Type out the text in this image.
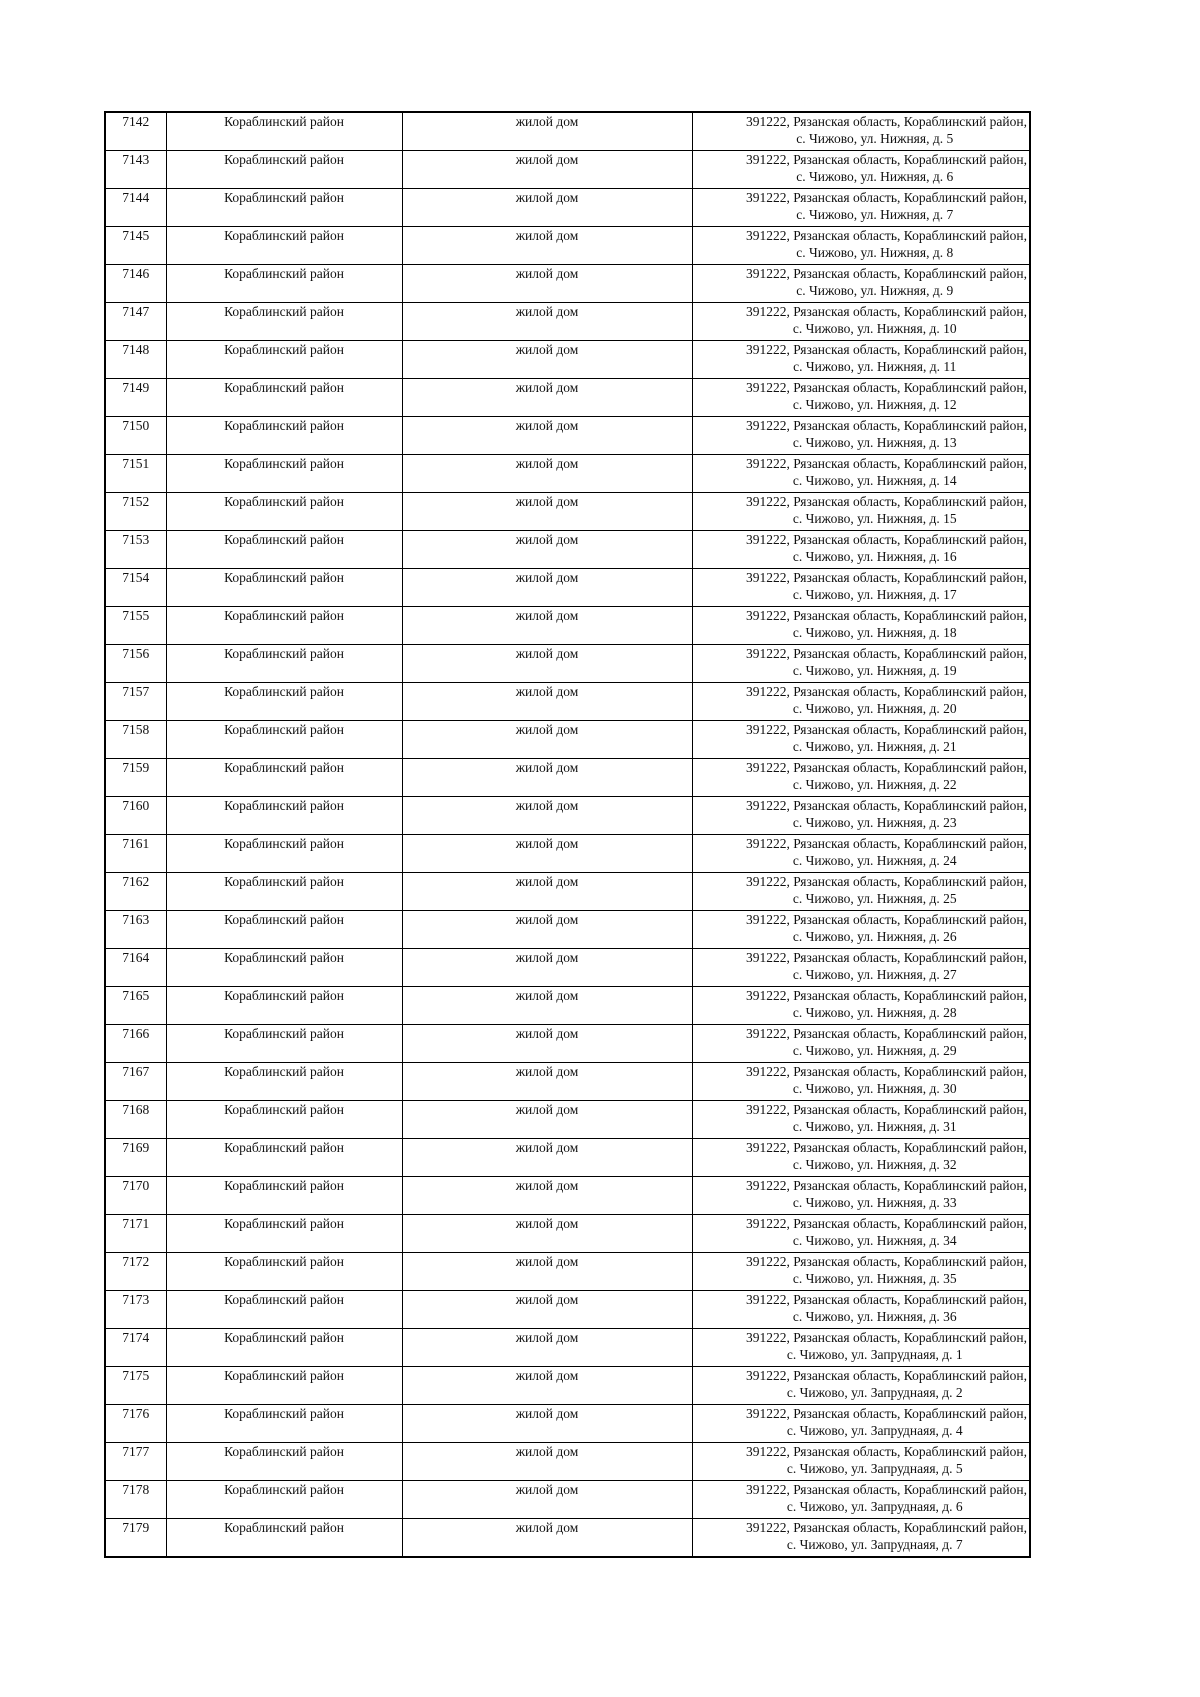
7142	Кораблинский район	жилой дом	391222, Рязанская область, Кораблинский район,
с. Чижово, ул. Нижняя, д. 5

7143	Кораблинский район	жилой дом	391222, Рязанская область, Кораблинский район,
с. Чижово, ул. Нижняя, д. 6

7144	Кораблинский район	жилой дом	391222, Рязанская область, Кораблинский район,
с. Чижово, ул. Нижняя, д. 7

7145	Кораблинский район	жилой дом	391222, Рязанская область, Кораблинский район,
с. Чижово, ул. Нижняя, д. 8

7146	Кораблинский район	жилой дом	391222, Рязанская область, Кораблинский район,
с. Чижово, ул. Нижняя, д. 9

7147	Кораблинский район	жилой дом	391222, Рязанская область, Кораблинский район,
с. Чижово, ул. Нижняя, д. 10

7148	Кораблинский район	жилой дом	391222, Рязанская область, Кораблинский район,
с. Чижово, ул. Нижняя, д. 11

7149	Кораблинский район	жилой дом	391222, Рязанская область, Кораблинский район,
с. Чижово, ул. Нижняя, д. 12

7150	Кораблинский район	жилой дом	391222, Рязанская область, Кораблинский район,
с. Чижово, ул. Нижняя, д. 13

7151	Кораблинский район	жилой дом	391222, Рязанская область, Кораблинский район,
с. Чижово, ул. Нижняя, д. 14

7152	Кораблинский район	жилой дом	391222, Рязанская область, Кораблинский район,
с. Чижово, ул. Нижняя, д. 15

7153	Кораблинский район	жилой дом	391222, Рязанская область, Кораблинский район,
с. Чижово, ул. Нижняя, д. 16

7154	Кораблинский район	жилой дом	391222, Рязанская область, Кораблинский район,
с. Чижово, ул. Нижняя, д. 17

7155	Кораблинский район	жилой дом	391222, Рязанская область, Кораблинский район,
с. Чижово, ул. Нижняя, д. 18

7156	Кораблинский район	жилой дом	391222, Рязанская область, Кораблинский район,
с. Чижово, ул. Нижняя, д. 19

7157	Кораблинский район	жилой дом	391222, Рязанская область, Кораблинский район,
с. Чижово, ул. Нижняя, д. 20

7158	Кораблинский район	жилой дом	391222, Рязанская область, Кораблинский район,
с. Чижово, ул. Нижняя, д. 21

7159	Кораблинский район	жилой дом	391222, Рязанская область, Кораблинский район,
с. Чижово, ул. Нижняя, д. 22

7160	Кораблинский район	жилой дом	391222, Рязанская область, Кораблинский район,
с. Чижово, ул. Нижняя, д. 23

7161	Кораблинский район	жилой дом	391222, Рязанская область, Кораблинский район,
с. Чижово, ул. Нижняя, д. 24

7162	Кораблинский район	жилой дом	391222, Рязанская область, Кораблинский район,
с. Чижово, ул. Нижняя, д. 25

7163	Кораблинский район	жилой дом	391222, Рязанская область, Кораблинский район,
с. Чижово, ул. Нижняя, д. 26

7164	Кораблинский район	жилой дом	391222, Рязанская область, Кораблинский район,
с. Чижово, ул. Нижняя, д. 27

7165	Кораблинский район	жилой дом	391222, Рязанская область, Кораблинский район,
с. Чижово, ул. Нижняя, д. 28

7166	Кораблинский район	жилой дом	391222, Рязанская область, Кораблинский район,
с. Чижово, ул. Нижняя, д. 29

7167	Кораблинский район	жилой дом	391222, Рязанская область, Кораблинский район,
с. Чижово, ул. Нижняя, д. 30

7168	Кораблинский район	жилой дом	391222, Рязанская область, Кораблинский район,
с. Чижово, ул. Нижняя, д. 31

7169	Кораблинский район	жилой дом	391222, Рязанская область, Кораблинский район,
с. Чижово, ул. Нижняя, д. 32

7170	Кораблинский район	жилой дом	391222, Рязанская область, Кораблинский район,
с. Чижово, ул. Нижняя, д. 33

7171	Кораблинский район	жилой дом	391222, Рязанская область, Кораблинский район,
с. Чижово, ул. Нижняя, д. 34

7172	Кораблинский район	жилой дом	391222, Рязанская область, Кораблинский район,
с. Чижово, ул. Нижняя, д. 35

7173	Кораблинский район	жилой дом	391222, Рязанская область, Кораблинский район,
с. Чижово, ул. Нижняя, д. 36

7174	Кораблинский район	жилой дом	391222, Рязанская область, Кораблинский район,
с. Чижово, ул. Запруднаяя, д. 1

7175	Кораблинский район	жилой дом	391222, Рязанская область, Кораблинский район,
с. Чижово, ул. Запруднаяя, д. 2

7176	Кораблинский район	жилой дом	391222, Рязанская область, Кораблинский район,
с. Чижово, ул. Запруднаяя, д. 4

7177	Кораблинский район	жилой дом	391222, Рязанская область, Кораблинский район,
с. Чижово, ул. Запруднаяя, д. 5

7178	Кораблинский район	жилой дом	391222, Рязанская область, Кораблинский район,
с. Чижово, ул. Запруднаяя, д. 6

7179	Кораблинский район	жилой дом	391222, Рязанская область, Кораблинский район,
с. Чижово, ул. Запруднаяя, д. 7
